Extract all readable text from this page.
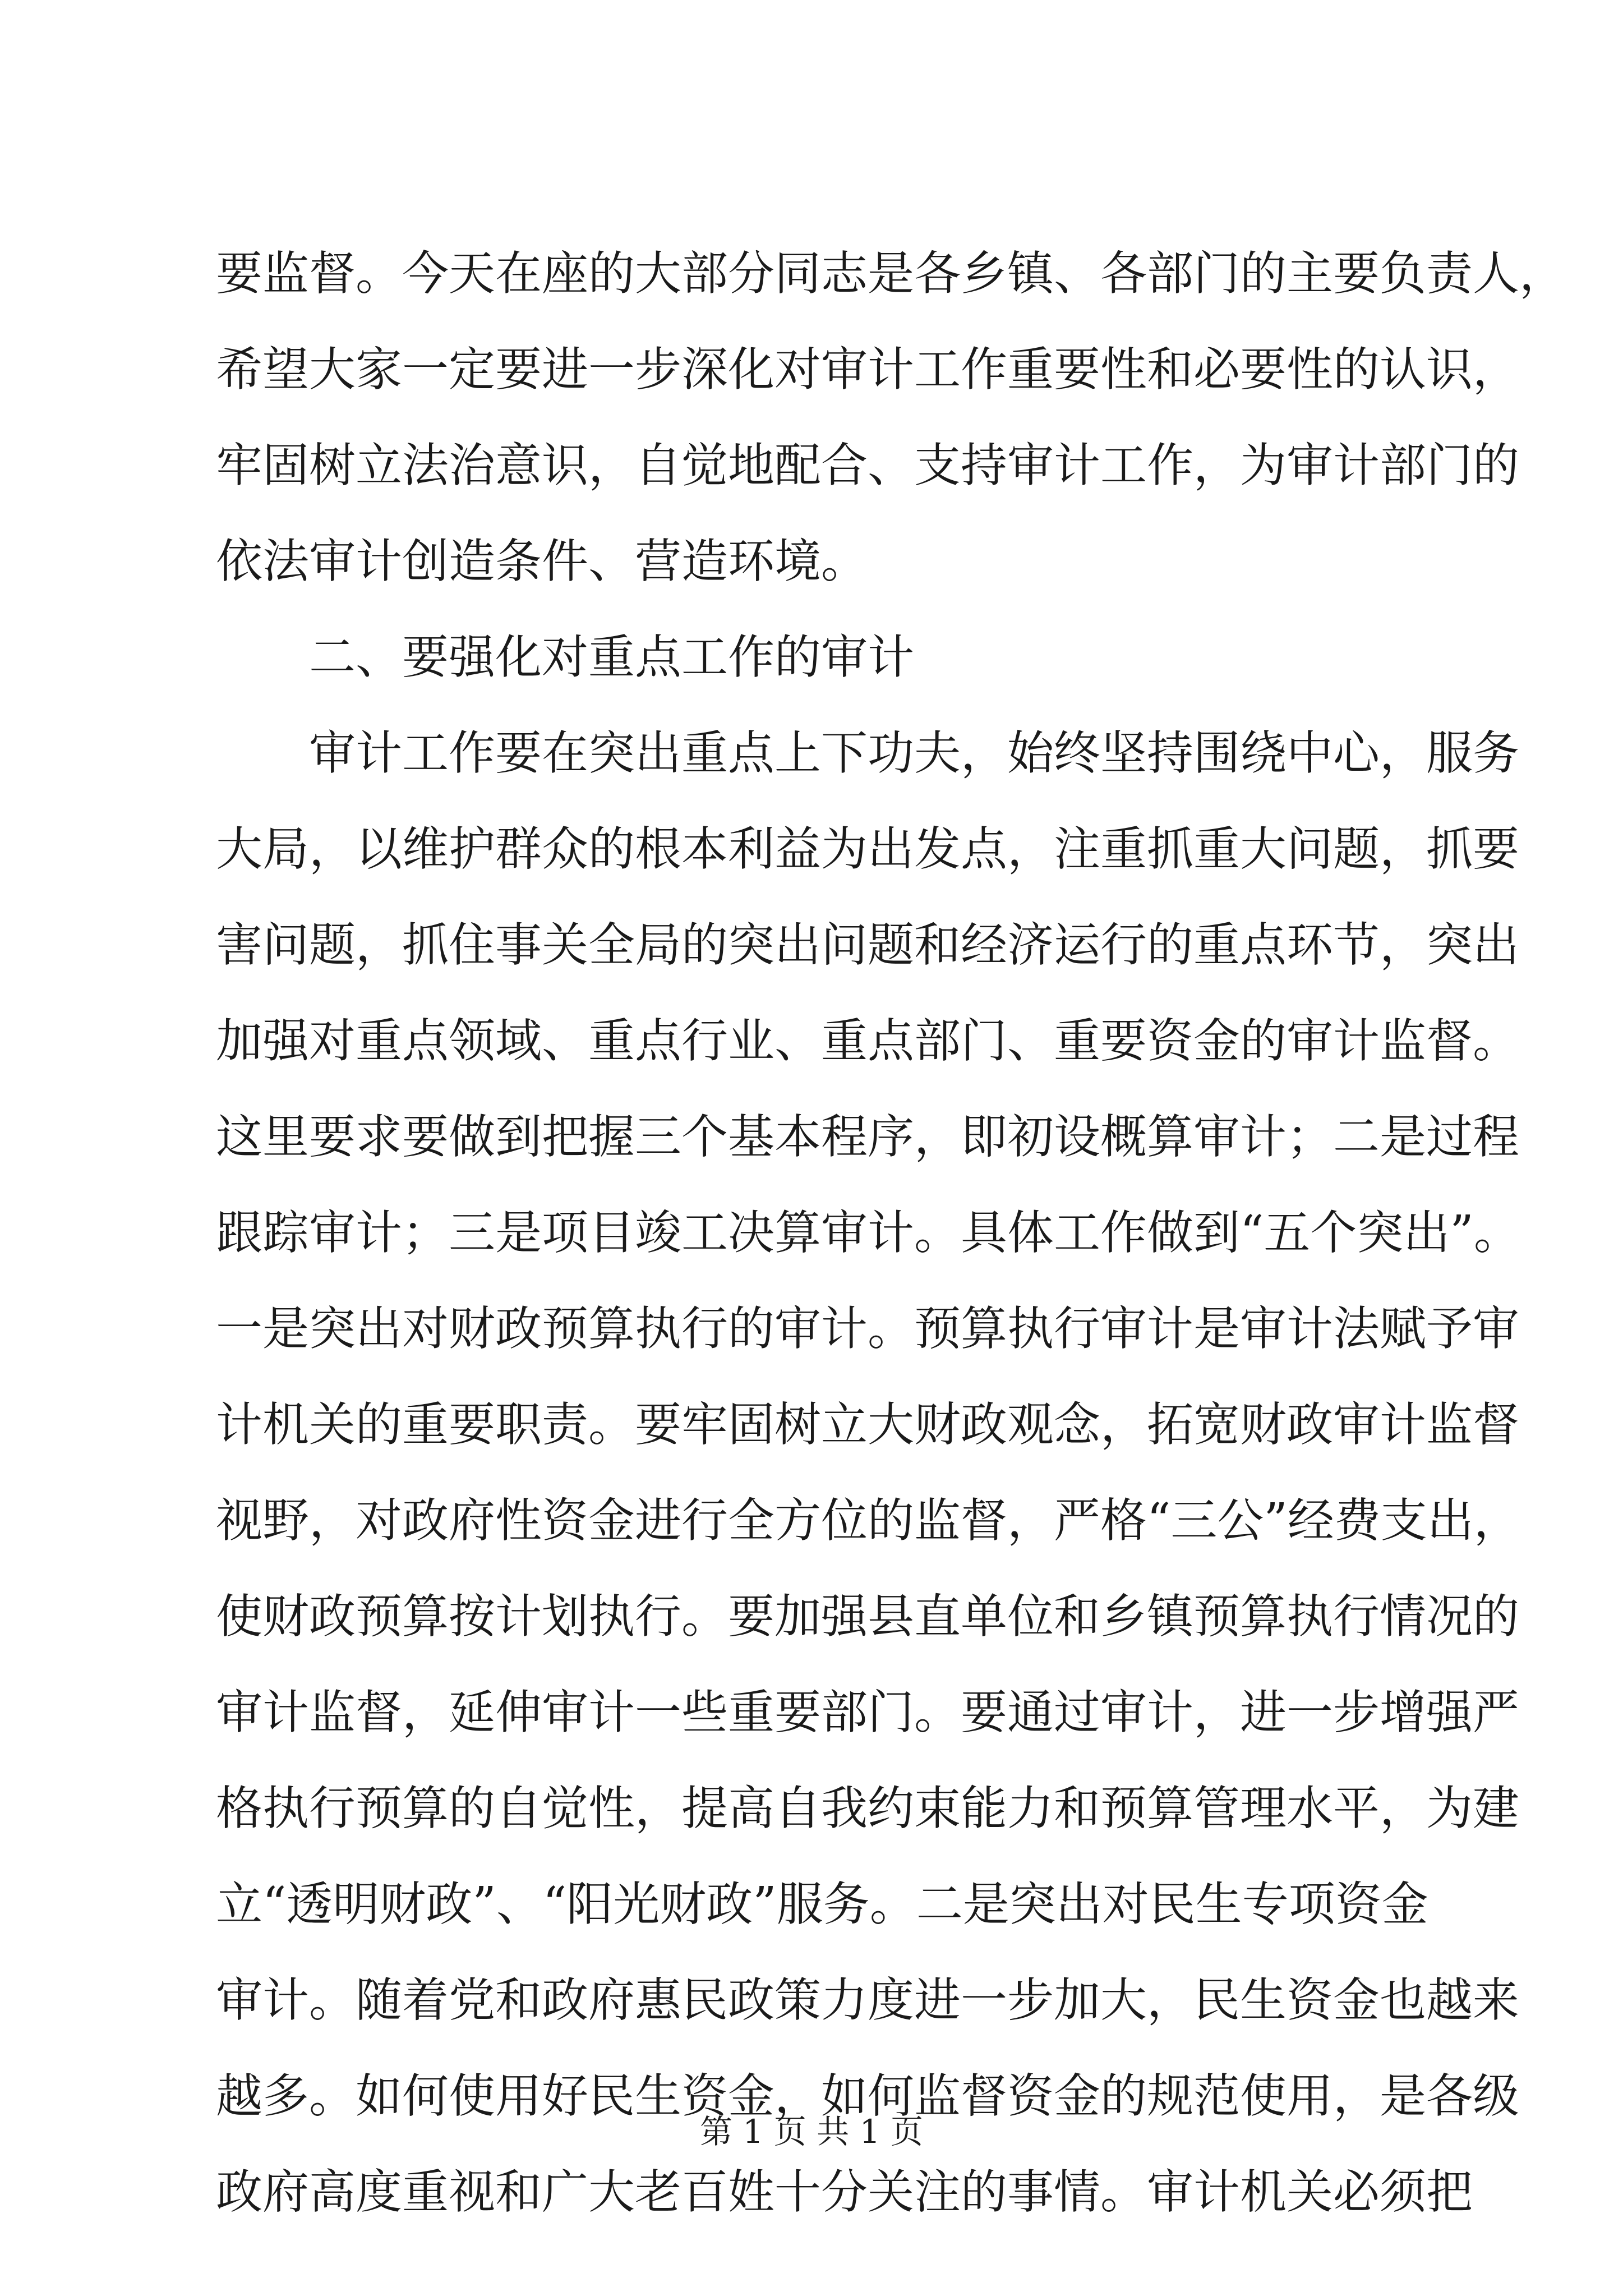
要监督。今天在座的大部分同志是各乡镇、各部门的主要负责人，
希望大家一定要进一步深化对审计工作重要性和必要性的认识，
牢固树立法治意识，自觉地配合、支持审计工作，为审计部门的
依法审计创造条件、营造环境。
二、要强化对重点工作的审计
审计工作要在突出重点上下功夫，始终坚持围绕中心，服务
大局，以维护群众的根本利益为出发点，注重抓重大问题，抓要
害问题，抓住事关全局的突出问题和经济运行的重点环节，突出
加强对重点领域、重点行业、重点部门、重要资金的审计监督。
这里要求要做到把握三个基本程序，即初设概算审计；二是过程
跟踪审计；三是项目竣工决算审计。具体工作做到“五个突出”。
一是突出对财政预算执行的审计。预算执行审计是审计法赋予审
计机关的重要职责。要牢固树立大财政观念，拓宽财政审计监督
视野，对政府性资金进行全方位的监督，严格“三公”经费支出，
使财政预算按计划执行。要加强县直单位和乡镇预算执行情况的
审计监督，延伸审计一些重要部门。要通过审计，进一步增强严
格执行预算的自觉性，提高自我约束能力和预算管理水平，为建
立“透明财政”、“阳光财政”服务。二是突出对民生专项资金
审计。随着党和政府惠民政策力度进一步加大，民生资金也越来
越多。如何使用好民生资金，如何监督资金的规范使用，是各级
政府高度重视和广大老百姓十分关注的事情。审计机关必须把
第 1 页 共 1 页
